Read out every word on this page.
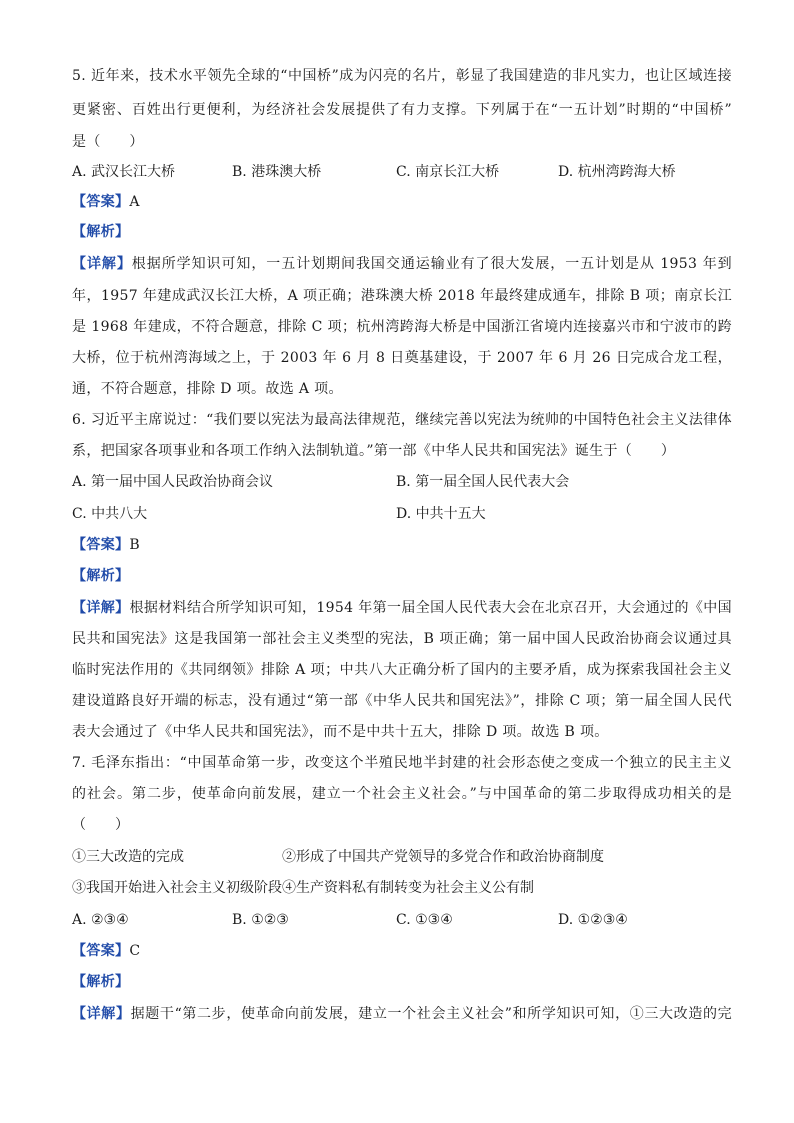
5. 近年来，技术水平领先全球的“中国桥”成为闪亮的名片，彰显了我国建造的非凡实力，也让区域连接
更紧密、百姓出行更便利，为经济社会发展提供了有力支撑。下列属于在“一五计划”时期的“中国桥”
是（　　）
A. 武汉长江大桥	B. 港珠澳大桥	C. 南京长江大桥	D. 杭州湾跨海大桥
【答案】A
【解析】
【详解】根据所学知识可知，一五计划期间我国交通运输业有了很大发展，一五计划是从 1953 年到
年，1957 年建成武汉长江大桥，A 项正确；港珠澳大桥 2018 年最终建成通车，排除 B 项；南京长江
是 1968 年建成，不符合题意，排除 C 项；杭州湾跨海大桥是中国浙江省境内连接嘉兴市和宁波市的跨
大桥，位于杭州湾海域之上，于 2003 年 6 月 8 日奠基建设，于 2007 年 6 月 26 日完成合龙工程，
通，不符合题意，排除 D 项。故选 A 项。
6. 习近平主席说过：“我们要以宪法为最高法律规范，继续完善以宪法为统帅的中国特色社会主义法律体
系，把国家各项事业和各项工作纳入法制轨道。”第一部《中华人民共和国宪法》诞生于（　　）
A. 第一届中国人民政治协商会议	B. 第一届全国人民代表大会
C. 中共八大	D. 中共十五大
【答案】B
【解析】
【详解】根据材料结合所学知识可知，1954 年第一届全国人民代表大会在北京召开，大会通过的《中国
民共和国宪法》这是我国第一部社会主义类型的宪法，B 项正确；第一届中国人民政治协商会议通过具
临时宪法作用的《共同纲领》排除 A 项；中共八大正确分析了国内的主要矛盾，成为探索我国社会主义
建设道路良好开端的标志，没有通过“第一部《中华人民共和国宪法》”，排除 C 项；第一届全国人民代
表大会通过了《中华人民共和国宪法》，而不是中共十五大，排除 D 项。故选 B 项。
7. 毛泽东指出：“中国革命第一步，改变这个半殖民地半封建的社会形态使之变成一个独立的民主主义
的社会。第二步，使革命向前发展，建立一个社会主义社会。”与中国革命的第二步取得成功相关的是
（　　）
①三大改造的完成	②形成了中国共产党领导的多党合作和政治协商制度
③我国开始进入社会主义初级阶段④生产资料私有制转变为社会主义公有制
A. ②③④	B. ①②③	C. ①③④	D. ①②③④
【答案】C
【解析】
【详解】据题干“第二步，使革命向前发展，建立一个社会主义社会”和所学知识可知，①三大改造的完
